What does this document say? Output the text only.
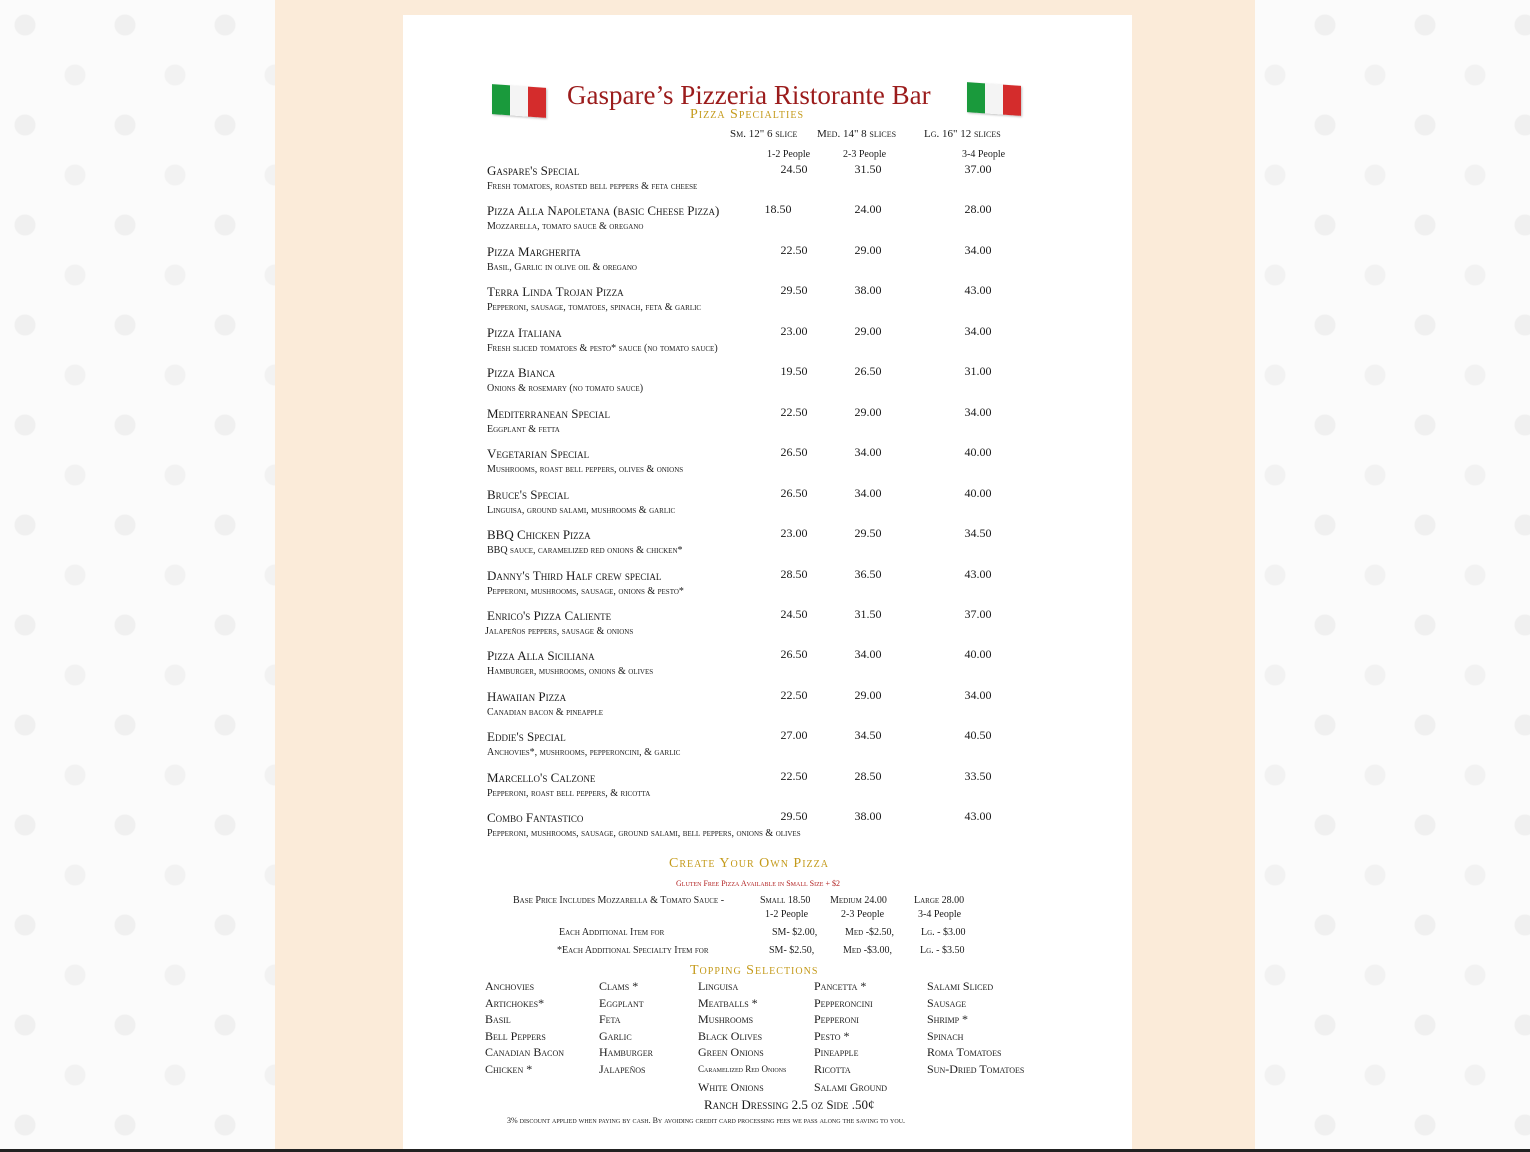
Gaspare’s Pizzeria Ristorante Bar
Pizza Specialties
Sm. 12" 6 slice Med. 14" 8 slices	Lg. 16" 12 slices
1-2 People	2-3 People	3-4 People
Gaspare's Special
Fresh tomatoes, roasted bell peppers & feta cheese
24.50	31.50	37.00
Pizza Alla Napoletana (basic Cheese Pizza)
Mozzarella, tomato sauce & oregano
18.50	24.00	28.00
Pizza Margherita
Basil, Garlic in olive oil & oregano
22.50	29.00	34.00
Terra Linda Trojan Pizza
Pepperoni, sausage, tomatoes, spinach, feta & garlic
29.50	38.00	43.00
Pizza Italiana
Fresh sliced tomatoes & pesto* sauce (no tomato sauce)
23.00	29.00	34.00
Pizza Bianca
Onions & rosemary (no tomato sauce)
19.50	26.50	31.00
Mediterranean Special
Eggplant & fetta
22.50	29.00	34.00
Vegetarian Special
Mushrooms, roast bell peppers, olives & onions
26.50	34.00	40.00
Bruce's Special
Linguisa, ground salami, mushrooms & garlic
26.50	34.00	40.00
BBQ Chicken Pizza
BBQ sauce, caramelized red onions & chicken*
23.00	29.50	34.50
Danny's Third Half crew special
Pepperoni, mushrooms, sausage, onions & pesto*
28.50	36.50	43.00
Enrico's Pizza Caliente
Jalapeños peppers, sausage & onions
24.50	31.50	37.00
Pizza Alla Siciliana
Hamburger, mushrooms, onions & olives
26.50	34.00	40.00
Hawaiian Pizza
Canadian bacon & pineapple
22.50	29.00	34.00
Eddie's Special
Anchovies*, mushrooms, pepperoncini, & garlic
27.00	34.50	40.50
Marcello's Calzone
Pepperoni, roast bell peppers, & ricotta
22.50	28.50	33.50
Combo Fantastico
Pepperoni, mushrooms, sausage, ground salami, bell peppers, onions & olives
29.50	38.00	43.00
Create Your Own Pizza
Gluten Free Pizza Available in Small Size + $2
Base Price Includes Mozzarella & Tomato Sauce -	Small 18.50 Medium 24.00	Large 28.00
1-2 People	2-3 People	3-4 People
Each Additional Item for	SM- $2.00,	Med -$2.50,	Lg. - $3.00
*Each Additional Specialty Item for	SM- $2.50,	Med -$3.00,	Lg. - $3.50
Topping Selections
Anchovies
Artichokes*
Basil
Bell Peppers
Canadian Bacon
Chicken *
Clams *
Eggplant
Feta
Garlic
Hamburger
Jalapeños
Linguisa
Meatballs *
Mushrooms
Black Olives
Green Onions
Caramelized Red Onions
White Onions
Pancetta *
Pepperoncini
Pepperoni
Pesto *
Pineapple
Ricotta
Salami Ground
Salami Sliced
Sausage
Shrimp *
Spinach
Roma Tomatoes
Sun-Dried Tomatoes
Ranch Dressing 2.5 oz Side .50¢
3% discount applied when paying by cash. By avoiding credit card processing fees we pass along the saving to you.
